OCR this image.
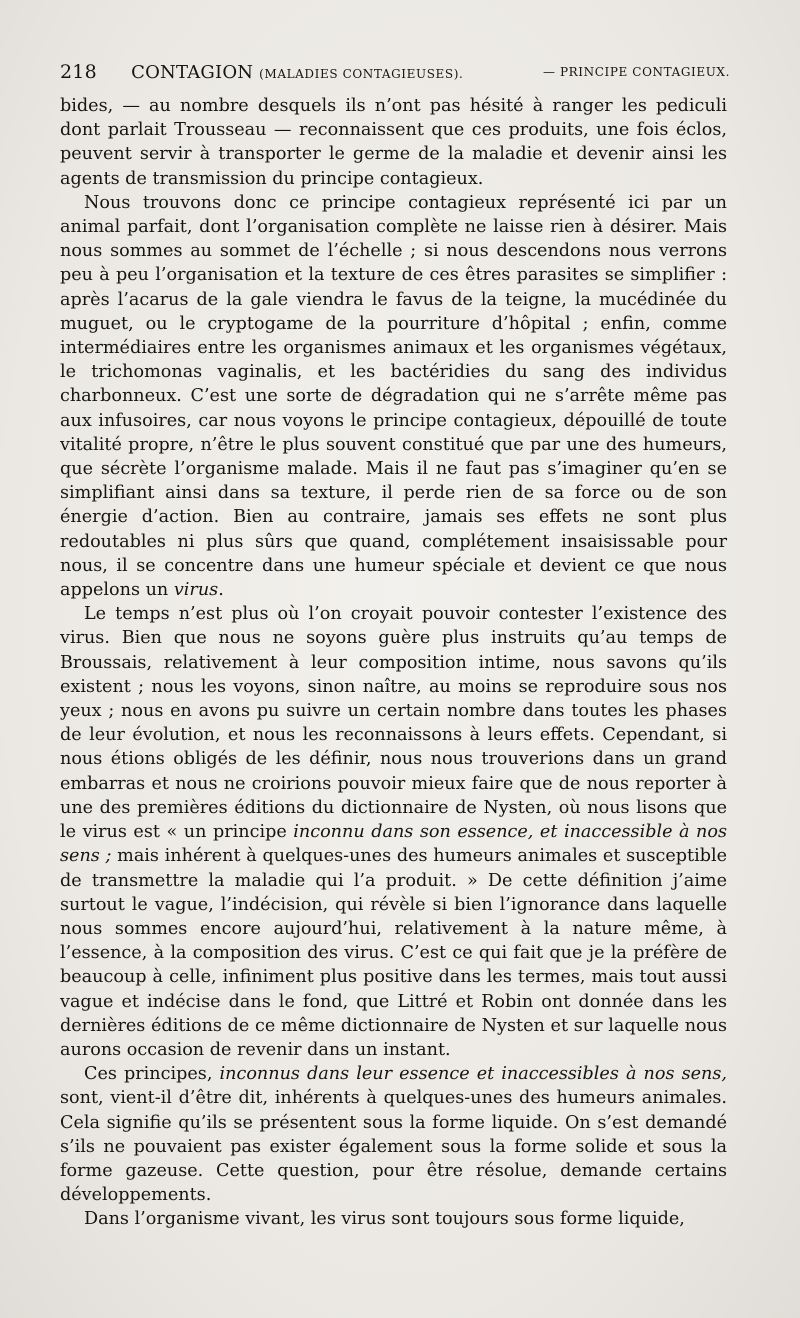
218 CONTAGION (MALADIES CONTAGIEUSES).	— PRINCIPE CONTAGIEUX.

bides, — au nombre desquels ils n’ont pas hésité à ranger les pediculi dont parlait Trousseau — reconnaissent que ces produits, une fois éclos, peuvent servir à transporter le germe de la maladie et devenir ainsi les agents de transmission du principe contagieux.

Nous trouvons donc ce principe contagieux représenté ici par un animal parfait, dont l’organisation complète ne laisse rien à désirer. Mais nous sommes au sommet de l’échelle ; si nous descendons nous verrons peu à peu l’organisation et la texture de ces êtres parasites se simplifier : après l’acarus de la gale viendra le favus de la teigne, la mucédinée du muguet, ou le cryptogame de la pourriture d’hôpital ; enfin, comme intermédiaires entre les organismes animaux et les organismes végétaux, le trichomonas vaginalis, et les bactéridies du sang des individus charbonneux. C’est une sorte de dégradation qui ne s’arrête même pas aux infusoires, car nous voyons le principe contagieux, dépouillé de toute vitalité propre, n’être le plus souvent constitué que par une des humeurs, que sécrète l’organisme malade. Mais il ne faut pas s’imaginer qu’en se simplifiant ainsi dans sa texture, il perde rien de sa force ou de son énergie d’action. Bien au contraire, jamais ses effets ne sont plus redoutables ni plus sûrs que quand, complétement insaisissable pour nous, il se concentre dans une humeur spéciale et devient ce que nous appelons un virus.

Le temps n’est plus où l’on croyait pouvoir contester l’existence des virus. Bien que nous ne soyons guère plus instruits qu’au temps de Broussais, relativement à leur composition intime, nous savons qu’ils existent ; nous les voyons, sinon naître, au moins se reproduire sous nos yeux ; nous en avons pu suivre un certain nombre dans toutes les phases de leur évolution, et nous les reconnaissons à leurs effets. Cependant, si nous étions obligés de les définir, nous nous trouverions dans un grand embarras et nous ne croirions pouvoir mieux faire que de nous reporter à une des premières éditions du dictionnaire de Nysten, où nous lisons que le virus est « un principe inconnu dans son essence, et inaccessible à nos sens ; mais inhérent à quelques-unes des humeurs animales et susceptible de transmettre la maladie qui l’a produit. » De cette définition j’aime surtout le vague, l’indécision, qui révèle si bien l’ignorance dans laquelle nous sommes encore aujourd’hui, relativement à la nature même, à l’essence, à la composition des virus. C’est ce qui fait que je la préfère de beaucoup à celle, infiniment plus positive dans les termes, mais tout aussi vague et indécise dans le fond, que Littré et Robin ont donnée dans les dernières éditions de ce même dictionnaire de Nysten et sur laquelle nous aurons occasion de revenir dans un instant.

Ces principes, inconnus dans leur essence et inaccessibles à nos sens, sont, vient-il d’être dit, inhérents à quelques-unes des humeurs animales. Cela signifie qu’ils se présentent sous la forme liquide. On s’est demandé s’ils ne pouvaient pas exister également sous la forme solide et sous la forme gazeuse. Cette question, pour être résolue, demande certains développements.

Dans l’organisme vivant, les virus sont toujours sous forme liquide,
